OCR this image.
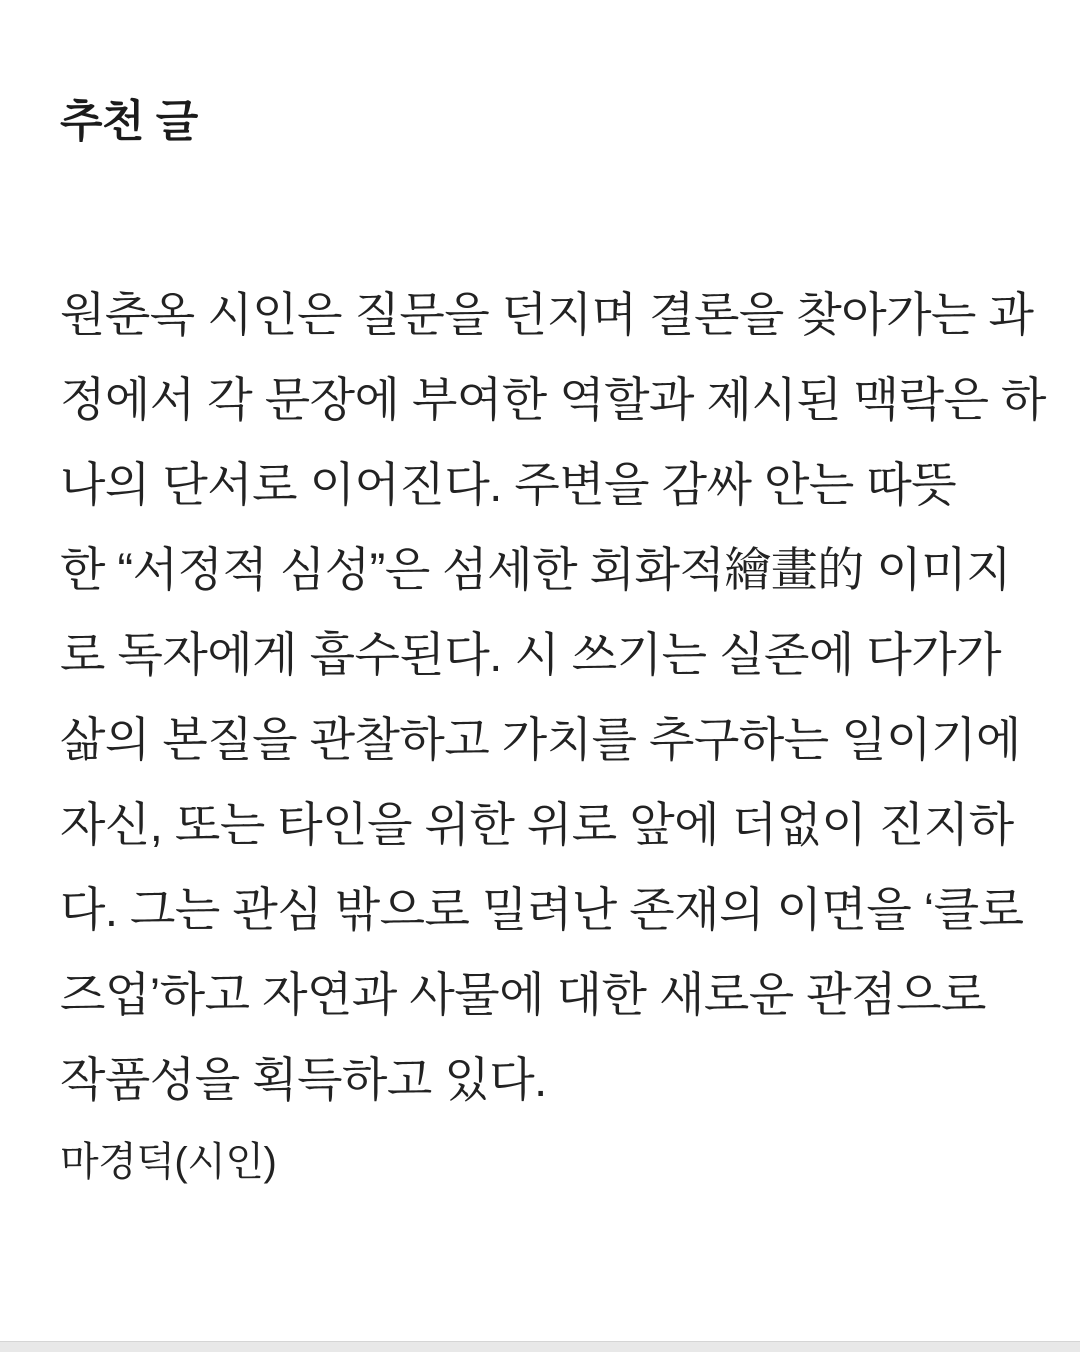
추천 글
원춘옥 시인은 질문을 던지며 결론을 찾아가는 과
정에서 각 문장에 부여한 역할과 제시된 맥락은 하
나의 단서로 이어진다. 주변을 감싸 안는 따뜻
한 “서정적 심성”은 섬세한 회화적繪畫的 이미지
로 독자에게 흡수된다. 시 쓰기는 실존에 다가가
삶의 본질을 관찰하고 가치를 추구하는 일이기에
자신, 또는 타인을 위한 위로 앞에 더없이 진지하
다. 그는 관심 밖으로 밀려난 존재의 이면을 ‘클로
즈업’하고 자연과 사물에 대한 새로운 관점으로
작품성을 획득하고 있다.
마경덕(시인)
